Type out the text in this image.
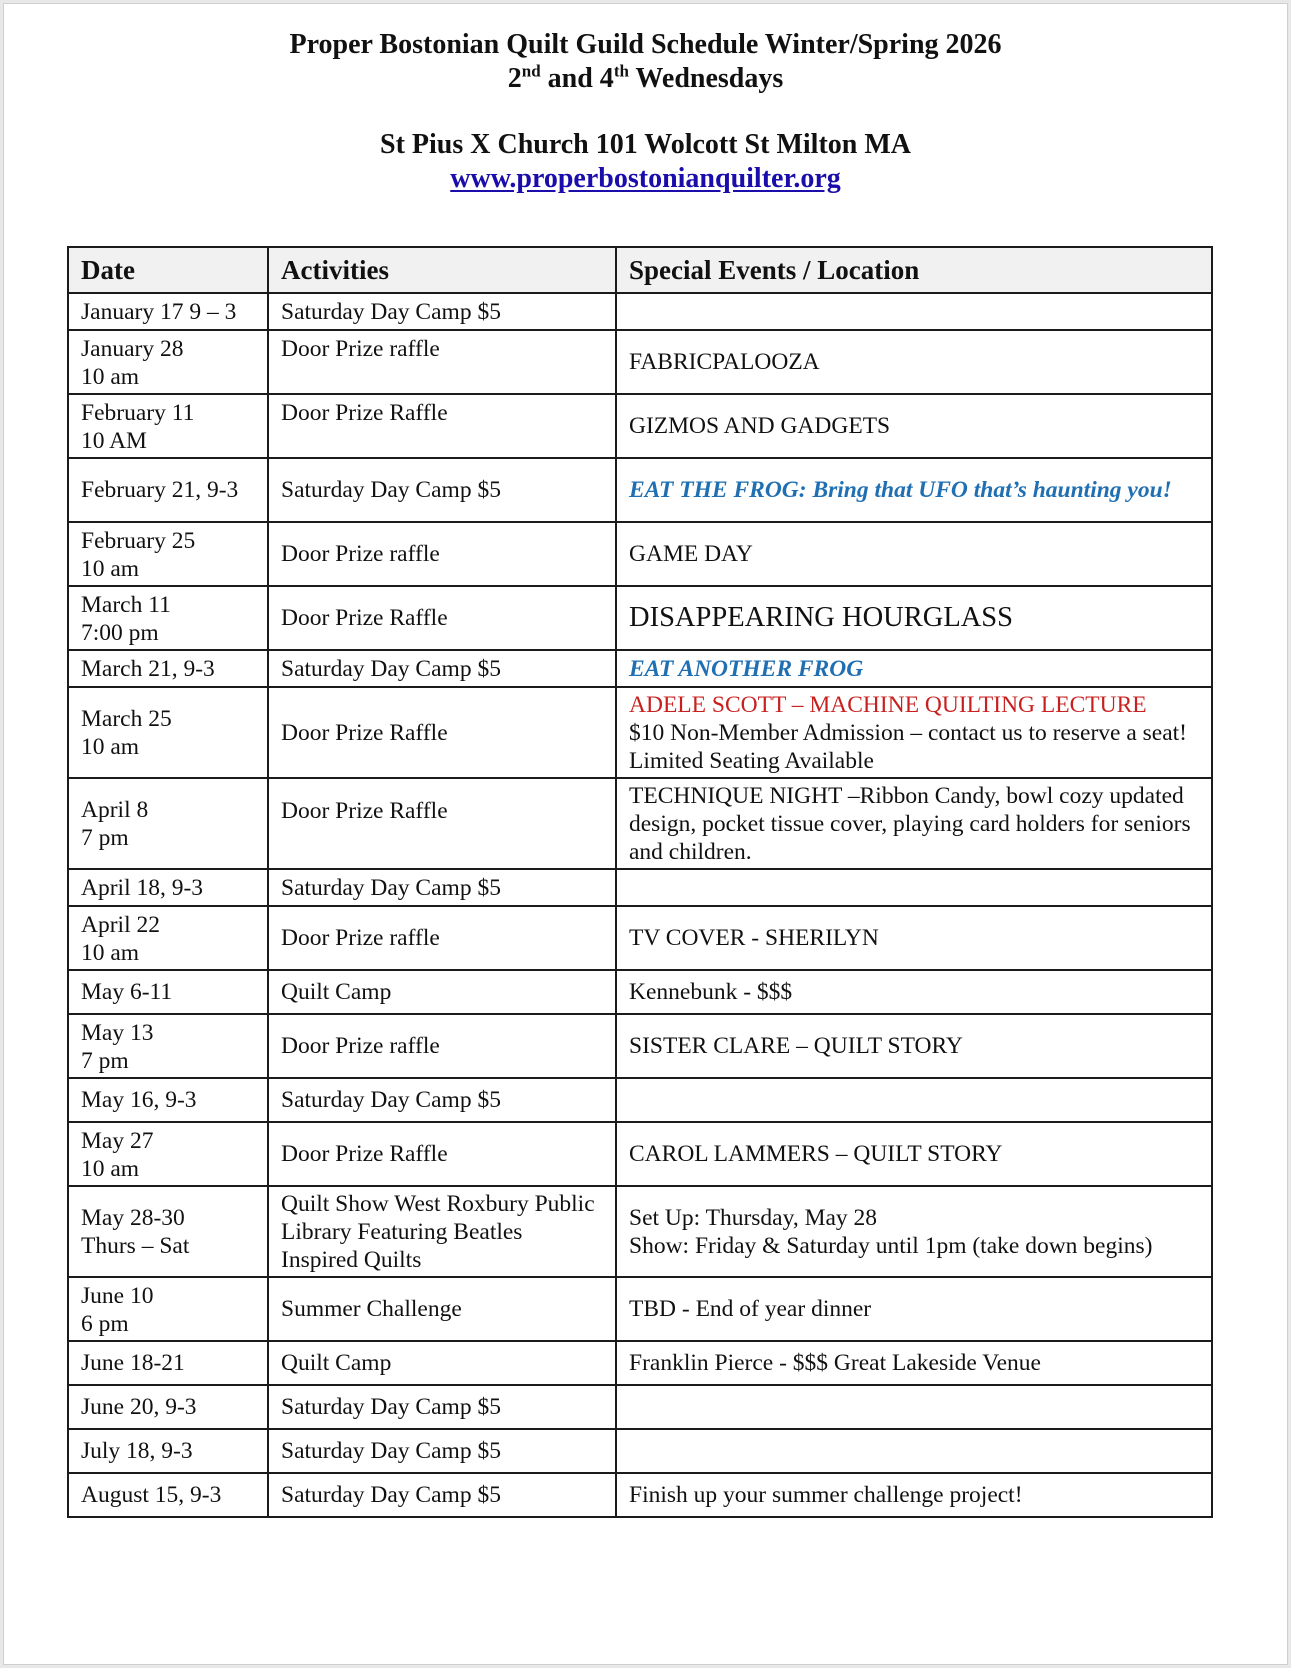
Proper Bostonian Quilt Guild Schedule Winter/Spring 2026
2nd and 4th Wednesdays
St Pius X Church 101 Wolcott St Milton MA
www.properbostonianquilter.org
Date	Activities	Special Events / Location
January 17 9 – 3	Saturday Day Camp $5	

January 28
10 am	Door Prize raffle	FABRICPALOOZA

February 11
10 AM	Door Prize Raffle	GIZMOS AND GADGETS
February 21, 9-3	Saturday Day Camp $5	EAT THE FROG: Bring that UFO that’s haunting you!

February 25
10 am	Door Prize raffle	GAME DAY

March 11
7:00 pm	Door Prize Raffle	DISAPPEARING HOURGLASS
March 21, 9-3	Saturday Day Camp $5	EAT ANOTHER FROG

March 25
10 am	Door Prize Raffle	ADELE SCOTT – MACHINE QUILTING LECTURE
$10 Non-Member Admission – contact us to reserve a seat! Limited Seating Available

April 8
7 pm	Door Prize Raffle	TECHNIQUE NIGHT –Ribbon Candy, bowl cozy updated design, pocket tissue cover, playing card holders for seniors and children.
April 18, 9-3	Saturday Day Camp $5	

April 22
10 am	Door Prize raffle	TV COVER - SHERILYN
May 6-11	Quilt Camp	Kennebunk - $$$

May 13
7 pm	Door Prize raffle	SISTER CLARE – QUILT STORY
May 16, 9-3	Saturday Day Camp $5	

May 27
10 am	Door Prize Raffle	CAROL LAMMERS – QUILT STORY

May 28-30
Thurs – Sat	Quilt Show West Roxbury Public Library Featuring Beatles Inspired Quilts	Set Up: Thursday, May 28
Show: Friday & Saturday until 1pm (take down begins)

June 10
6 pm	Summer Challenge	TBD - End of year dinner
June 18-21	Quilt Camp	Franklin Pierce - $$$ Great Lakeside Venue
June 20, 9-3	Saturday Day Camp $5	
July 18, 9-3	Saturday Day Camp $5	
August 15, 9-3	Saturday Day Camp $5	Finish up your summer challenge project!
